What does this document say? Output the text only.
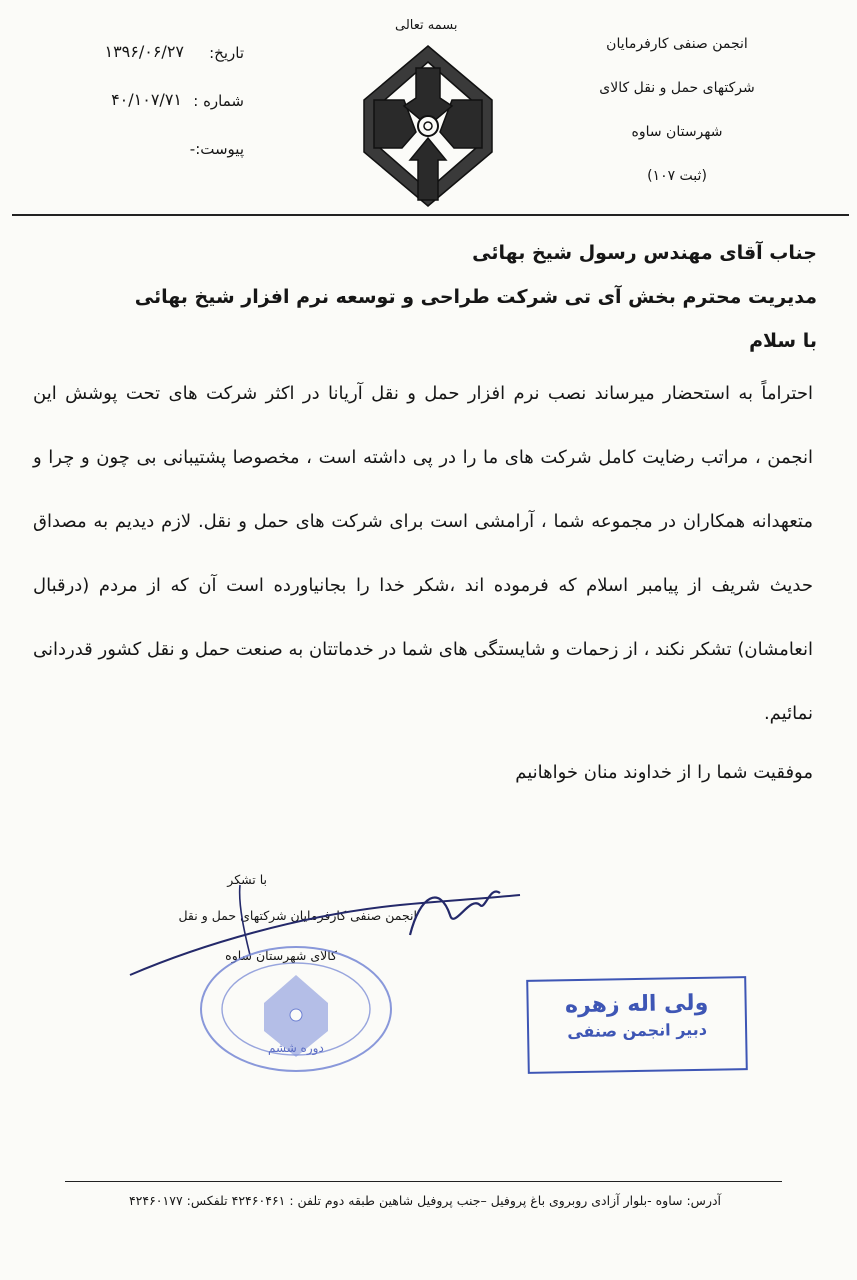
بسمه تعالی
انجمن صنفی کارفرمایان
شرکتهای حمل و نقل کالای
شهرستان ساوه
(ثبت ۱۰۷)
تاریخ:
۱۳۹۶/۰۶/۲۷
شماره :
۴۰/۱۰۷/۷۱
پیوست:-
جناب آقای مهندس رسول شیخ بهائی
مدیریت محترم بخش آی تی شرکت طراحی و توسعه نرم افزار شیخ بهائی
با سلام
احتراماً به استحضار میرساند نصب نرم افزار حمل و نقل آریانا در اکثر شرکت های تحت پوشش این انجمن ، مراتب رضایت کامل شرکت های ما را در پی داشته است ، مخصوصا پشتیبانی بی چون و چرا و متعهدانه همکاران در مجموعه شما ، آرامشی است برای شرکت های حمل و نقل. لازم دیدیم به مصداق حدیث شریف از پیامبر اسلام که فرموده اند ،شکر خدا را بجانیاورده است آن که از مردم (درقبال انعامشان) تشکر نکند ، از زحمات و شایستگی های شما در خدماتتان به صنعت حمل و نقل کشور قدردانی نمائیم.
موفقیت شما را از خداوند منان خواهانیم
با تشکر
انجمن صنفی کارفرمایان شرکتهای حمل و نقل
کالای شهرستان ساوه
دوره ششم
ولی اله زهره
دبیر انجمن صنفی
آدرس: ساوه -بلوار آزادی روبروی باغ پروفیل –جنب پروفیل شاهین طبقه دوم تلفن : ۴۲۴۶۰۴۶۱ تلفکس: ۴۲۴۶۰۱۷۷
